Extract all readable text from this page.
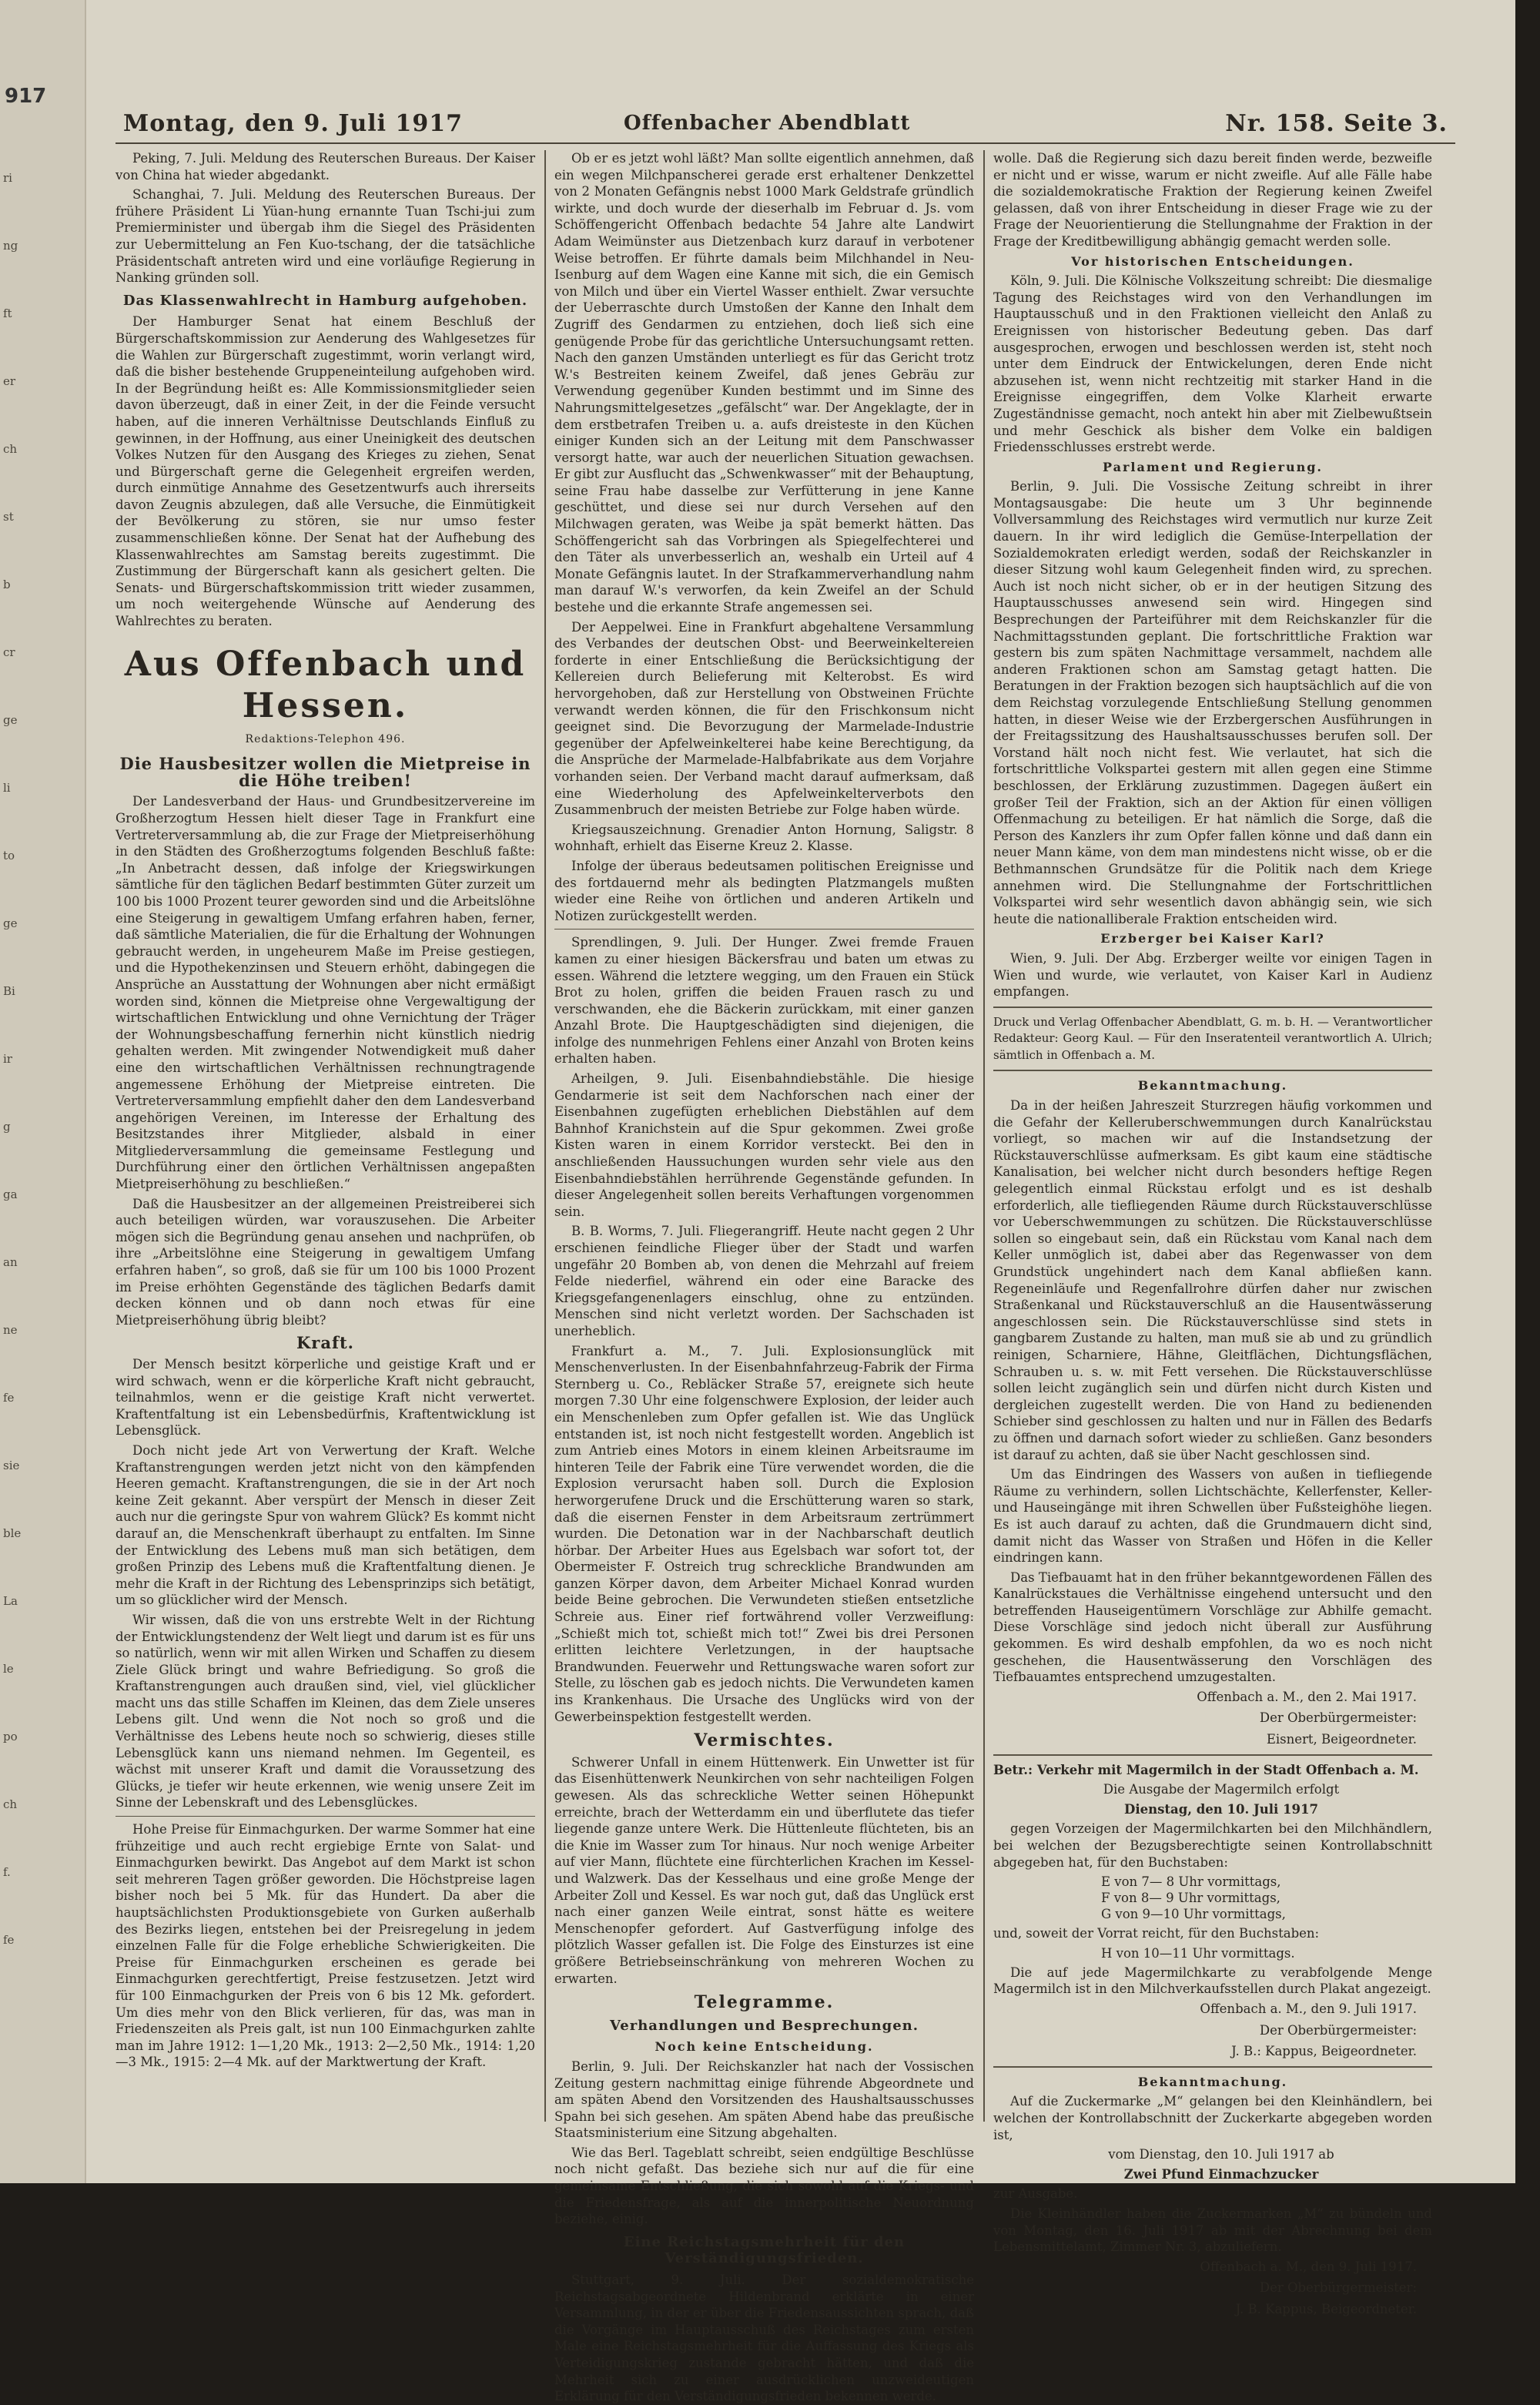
917
ri
ng
ft
er
ch
st
b
cr
ge
li
to
ge
Bi
ir
g
ga
an
ne
fe
sie
ble
La
le
po
ch
f.
fe
Montag, den 9. Juli 1917	Offenbacher Abendblatt	Nr. 158. Seite 3.

Peking, 7. Juli. Meldung des Reuterschen Bureaus. Der Kaiser von China hat wieder abgedankt.

Schanghai, 7. Juli. Meldung des Reuterschen Bureaus. Der frühere Präsident Li Yüan-hung ernannte Tuan Tschi-jui zum Premierminister und übergab ihm die Siegel des Präsidenten zur Uebermittelung an Fen Kuo-tschang, der die tatsächliche Präsidentschaft antreten wird und eine vorläufige Regierung in Nanking gründen soll.

Das Klassenwahlrecht in Hamburg aufgehoben.

Der Hamburger Senat hat einem Beschluß der Bürgerschaftskommission zur Aenderung des Wahlgesetzes für die Wahlen zur Bürgerschaft zugestimmt, worin verlangt wird, daß die bisher bestehende Gruppeneinteilung aufgehoben wird. In der Begründung heißt es: Alle Kommissionsmitglieder seien davon überzeugt, daß in einer Zeit, in der die Feinde versucht haben, auf die inneren Verhältnisse Deutschlands Einfluß zu gewinnen, in der Hoffnung, aus einer Uneinigkeit des deutschen Volkes Nutzen für den Ausgang des Krieges zu ziehen, Senat und Bürgerschaft gerne die Gelegenheit ergreifen werden, durch einmütige Annahme des Gesetzentwurfs auch ihrerseits davon Zeugnis abzulegen, daß alle Versuche, die Einmütigkeit der Bevölkerung zu stören, sie nur umso fester zusammenschließen könne. Der Senat hat der Aufhebung des Klassenwahlrechtes am Samstag bereits zugestimmt. Die Zustimmung der Bürgerschaft kann als gesichert gelten. Die Senats- und Bürgerschaftskommission tritt wieder zusammen, um noch weitergehende Wünsche auf Aenderung des Wahlrechtes zu beraten.

Aus Offenbach und Hessen.
Redaktions-Telephon 496.
Die Hausbesitzer wollen die Mietpreise in die Höhe treiben!

Der Landesverband der Haus- und Grundbesitzervereine im Großherzogtum Hessen hielt dieser Tage in Frankfurt eine Vertreterversammlung ab, die zur Frage der Mietpreiserhöhung in den Städten des Großherzogtums folgenden Beschluß faßte: „In Anbetracht dessen, daß infolge der Kriegswirkungen sämtliche für den täglichen Bedarf bestimmten Güter zurzeit um 100 bis 1000 Prozent teurer geworden sind und die Arbeitslöhne eine Steigerung in gewaltigem Umfang erfahren haben, ferner, daß sämtliche Materialien, die für die Erhaltung der Wohnungen gebraucht werden, in ungeheurem Maße im Preise gestiegen, und die Hypothekenzinsen und Steuern erhöht, dabingegen die Ansprüche an Ausstattung der Wohnungen aber nicht ermäßigt worden sind, können die Mietpreise ohne Vergewaltigung der wirtschaftlichen Entwicklung und ohne Vernichtung der Träger der Wohnungsbeschaffung fernerhin nicht künstlich niedrig gehalten werden. Mit zwingender Notwendigkeit muß daher eine den wirtschaftlichen Verhältnissen rechnungtragende angemessene Erhöhung der Mietpreise eintreten. Die Vertreterversammlung empfiehlt daher den dem Landesverband angehörigen Vereinen, im Interesse der Erhaltung des Besitzstandes ihrer Mitglieder, alsbald in einer Mitgliederversammlung die gemeinsame Festlegung und Durchführung einer den örtlichen Verhältnissen angepaßten Mietpreiserhöhung zu beschließen.“

Daß die Hausbesitzer an der allgemeinen Preistreiberei sich auch beteiligen würden, war vorauszusehen. Die Arbeiter mögen sich die Begründung genau ansehen und nachprüfen, ob ihre „Arbeitslöhne eine Steigerung in gewaltigem Umfang erfahren haben“, so groß, daß sie für um 100 bis 1000 Prozent im Preise erhöhten Gegenstände des täglichen Bedarfs damit decken können und ob dann noch etwas für eine Mietpreiserhöhung übrig bleibt?

Kraft.

Der Mensch besitzt körperliche und geistige Kraft und er wird schwach, wenn er die körperliche Kraft nicht gebraucht, teilnahmlos, wenn er die geistige Kraft nicht verwertet. Kraftentfaltung ist ein Lebensbedürfnis, Kraftentwicklung ist Lebensglück.

Doch nicht jede Art von Verwertung der Kraft. Welche Kraftanstrengungen werden jetzt nicht von den kämpfenden Heeren gemacht. Kraftanstrengungen, die sie in der Art noch keine Zeit gekannt. Aber verspürt der Mensch in dieser Zeit auch nur die geringste Spur von wahrem Glück? Es kommt nicht darauf an, die Menschenkraft überhaupt zu entfalten. Im Sinne der Entwicklung des Lebens muß man sich betätigen, dem großen Prinzip des Lebens muß die Kraftentfaltung dienen. Je mehr die Kraft in der Richtung des Lebensprinzips sich betätigt, um so glücklicher wird der Mensch.

Wir wissen, daß die von uns erstrebte Welt in der Richtung der Entwicklungstendenz der Welt liegt und darum ist es für uns so natürlich, wenn wir mit allen Wirken und Schaffen zu diesem Ziele Glück bringt und wahre Befriedigung. So groß die Kraftanstrengungen auch draußen sind, viel, viel glücklicher macht uns das stille Schaffen im Kleinen, das dem Ziele unseres Lebens gilt. Und wenn die Not noch so groß und die Verhältnisse des Lebens heute noch so schwierig, dieses stille Lebensglück kann uns niemand nehmen. Im Gegenteil, es wächst mit unserer Kraft und damit die Voraussetzung des Glücks, je tiefer wir heute erkennen, wie wenig unsere Zeit im Sinne der Lebenskraft und des Lebensglückes.

Hohe Preise für Einmachgurken. Der warme Sommer hat eine frühzeitige und auch recht ergiebige Ernte von Salat- und Einmachgurken bewirkt. Das Angebot auf dem Markt ist schon seit mehreren Tagen größer geworden. Die Höchstpreise lagen bisher noch bei 5 Mk. für das Hundert. Da aber die hauptsächlichsten Produktionsgebiete von Gurken außerhalb des Bezirks liegen, entstehen bei der Preisregelung in jedem einzelnen Falle für die Folge erhebliche Schwierigkeiten. Die Preise für Einmachgurken erscheinen es gerade bei Einmachgurken gerechtfertigt, Preise festzusetzen. Jetzt wird für 100 Einmachgurken der Preis von 6 bis 12 Mk. gefordert. Um dies mehr von den Blick verlieren, für das, was man in Friedenszeiten als Preis galt, ist nun 100 Einmachgurken zahlte man im Jahre 1912: 1—1,20 Mk., 1913: 2—2,50 Mk., 1914: 1,20—3 Mk., 1915: 2—4 Mk. auf der Marktwertung der Kraft.

Ob er es jetzt wohl läßt? Man sollte eigentlich annehmen, daß ein wegen Milchpanscherei gerade erst erhaltener Denkzettel von 2 Monaten Gefängnis nebst 1000 Mark Geldstrafe gründlich wirkte, und doch wurde der dieserhalb im Februar d. Js. vom Schöffengericht Offenbach bedachte 54 Jahre alte Landwirt Adam Weimünster aus Dietzenbach kurz darauf in verbotener Weise betroffen. Er führte damals beim Milchhandel in Neu-Isenburg auf dem Wagen eine Kanne mit sich, die ein Gemisch von Milch und über ein Viertel Wasser enthielt. Zwar versuchte der Ueberraschte durch Umstoßen der Kanne den Inhalt dem Zugriff des Gendarmen zu entziehen, doch ließ sich eine genügende Probe für das gerichtliche Untersuchungsamt retten. Nach den ganzen Umständen unterliegt es für das Gericht trotz W.'s Bestreiten keinem Zweifel, daß jenes Gebräu zur Verwendung gegenüber Kunden bestimmt und im Sinne des Nahrungsmittelgesetzes „gefälscht“ war. Der Angeklagte, der in dem erstbetrafen Treiben u. a. aufs dreisteste in den Küchen einiger Kunden sich an der Leitung mit dem Panschwasser versorgt hatte, war auch der neuerlichen Situation gewachsen. Er gibt zur Ausflucht das „Schwenkwasser“ mit der Behauptung, seine Frau habe dasselbe zur Verfütterung in jene Kanne geschüttet, und diese sei nur durch Versehen auf den Milchwagen geraten, was Weibe ja spät bemerkt hätten. Das Schöffengericht sah das Vorbringen als Spiegelfechterei und den Täter als unverbesserlich an, weshalb ein Urteil auf 4 Monate Gefängnis lautet. In der Strafkammerverhandlung nahm man darauf W.'s verworfen, da kein Zweifel an der Schuld bestehe und die erkannte Strafe angemessen sei.

Der Aeppelwei. Eine in Frankfurt abgehaltene Versammlung des Verbandes der deutschen Obst- und Beerweinkeltereien forderte in einer Entschließung die Berücksichtigung der Kellereien durch Belieferung mit Kelterobst. Es wird hervorgehoben, daß zur Herstellung von Obstweinen Früchte verwandt werden können, die für den Frischkonsum nicht geeignet sind. Die Bevorzugung der Marmelade-Industrie gegenüber der Apfelweinkelterei habe keine Berechtigung, da die Ansprüche der Marmelade-Halbfabrikate aus dem Vorjahre vorhanden seien. Der Verband macht darauf aufmerksam, daß eine Wiederholung des Apfelweinkelterverbots den Zusammenbruch der meisten Betriebe zur Folge haben würde.

Kriegsauszeichnung. Grenadier Anton Hornung, Saligstr. 8 wohnhaft, erhielt das Eiserne Kreuz 2. Klasse.

Infolge der überaus bedeutsamen politischen Ereignisse und des fortdauernd mehr als bedingten Platzmangels mußten wieder eine Reihe von örtlichen und anderen Artikeln und Notizen zurückgestellt werden.

Sprendlingen, 9. Juli. Der Hunger. Zwei fremde Frauen kamen zu einer hiesigen Bäckersfrau und baten um etwas zu essen. Während die letztere wegging, um den Frauen ein Stück Brot zu holen, griffen die beiden Frauen rasch zu und verschwanden, ehe die Bäckerin zurückkam, mit einer ganzen Anzahl Brote. Die Hauptgeschädigten sind diejenigen, die infolge des nunmehrigen Fehlens einer Anzahl von Broten keins erhalten haben.

Arheilgen, 9. Juli. Eisenbahndiebstähle. Die hiesige Gendarmerie ist seit dem Nachforschen nach einer der Eisenbahnen zugefügten erheblichen Diebstählen auf dem Bahnhof Kranichstein auf die Spur gekommen. Zwei große Kisten waren in einem Korridor versteckt. Bei den in anschließenden Haussuchungen wurden sehr viele aus den Eisenbahndiebstählen herrührende Gegenstände gefunden. In dieser Angelegenheit sollen bereits Verhaftungen vorgenommen sein.

B. B. Worms, 7. Juli. Fliegerangriff. Heute nacht gegen 2 Uhr erschienen feindliche Flieger über der Stadt und warfen ungefähr 20 Bomben ab, von denen die Mehrzahl auf freiem Felde niederfiel, während ein oder eine Baracke des Kriegsgefangenenlagers einschlug, ohne zu entzünden. Menschen sind nicht verletzt worden. Der Sachschaden ist unerheblich.

Frankfurt a. M., 7. Juli. Explosionsunglück mit Menschenverlusten. In der Eisenbahnfahrzeug-Fabrik der Firma Sternberg u. Co., Rebläcker Straße 57, ereignete sich heute morgen 7.30 Uhr eine folgenschwere Explosion, der leider auch ein Menschenleben zum Opfer gefallen ist. Wie das Unglück entstanden ist, ist noch nicht festgestellt worden. Angeblich ist zum Antrieb eines Motors in einem kleinen Arbeitsraume im hinteren Teile der Fabrik eine Türe verwendet worden, die die Explosion verursacht haben soll. Durch die Explosion herworgerufene Druck und die Erschütterung waren so stark, daß die eisernen Fenster in dem Arbeitsraum zertrümmert wurden. Die Detonation war in der Nachbarschaft deutlich hörbar. Der Arbeiter Hues aus Egelsbach war sofort tot, der Obermeister F. Ostreich trug schreckliche Brandwunden am ganzen Körper davon, dem Arbeiter Michael Konrad wurden beide Beine gebrochen. Die Verwundeten stießen entsetzliche Schreie aus. Einer rief fortwährend voller Verzweiflung: „Schießt mich tot, schießt mich tot!“ Zwei bis drei Personen erlitten leichtere Verletzungen, in der hauptsache Brandwunden. Feuerwehr und Rettungswache waren sofort zur Stelle, zu löschen gab es jedoch nichts. Die Verwundeten kamen ins Krankenhaus. Die Ursache des Unglücks wird von der Gewerbeinspektion festgestellt werden.

Vermischtes.

Schwerer Unfall in einem Hüttenwerk. Ein Unwetter ist für das Eisenhüttenwerk Neunkirchen von sehr nachteiligen Folgen gewesen. Als das schreckliche Wetter seinen Höhepunkt erreichte, brach der Wetterdamm ein und überflutete das tiefer liegende ganze untere Werk. Die Hüttenleute flüchteten, bis an die Knie im Wasser zum Tor hinaus. Nur noch wenige Arbeiter auf vier Mann, flüchtete eine fürchterlichen Krachen im Kessel- und Walzwerk. Das der Kesselhaus und eine große Menge der Arbeiter Zoll und Kessel. Es war noch gut, daß das Unglück erst nach einer ganzen Weile eintrat, sonst hätte es weitere Menschenopfer gefordert. Auf Gastverfügung infolge des plötzlich Wasser gefallen ist. Die Folge des Einsturzes ist eine größere Betriebseinschränkung von mehreren Wochen zu erwarten.

Telegramme.
Verhandlungen und Besprechungen.
Noch keine Entscheidung.

Berlin, 9. Juli. Der Reichskanzler hat nach der Vossischen Zeitung gestern nachmittag einige führende Abgeordnete und am späten Abend den Vorsitzenden des Haushaltsausschusses Spahn bei sich gesehen. Am späten Abend habe das preußische Staatsministerium eine Sitzung abgehalten.

Wie das Berl. Tageblatt schreibt, seien endgültige Beschlüsse noch nicht gefaßt. Das beziehe sich nur auf die für eine gemeinsame Entschließung, die sich sowohl auf die Kriegs- und die Friedensfrage, als auf die innerpolitische Neuordnung beziehe, einig.

Eine Reichstagsmehrheit für den Verständigungsfrieden.

Stuttgart, 9. Juli. Der sozialdemokratische Reichstagsabgeordnete Hildenbrand erklärte in einer Versammlung, in der er über die Friedensaussichten sprach, daß die Vorgänge im Hauptausschuß des Reichstages zum ersten Male eine Reichstagsmehrheit für die Auffassung des Kriegs als Verteidigungskrieg zustande gebracht hätten, und daß die Mehrheit sich zu einer ausdrücklichen unzweideutigen Erklärung für den Verständigungsfrieden bekennen werde.

wolle. Daß die Regierung sich dazu bereit finden werde, bezweifle er nicht und er wisse, warum er nicht zweifle. Auf alle Fälle habe die sozialdemokratische Fraktion der Regierung keinen Zweifel gelassen, daß von ihrer Entscheidung in dieser Frage wie zu der Frage der Neuorientierung die Stellungnahme der Fraktion in der Frage der Kreditbewilligung abhängig gemacht werden solle.

Vor historischen Entscheidungen.

Köln, 9. Juli. Die Kölnische Volkszeitung schreibt: Die diesmalige Tagung des Reichstages wird von den Verhandlungen im Hauptausschuß und in den Fraktionen vielleicht den Anlaß zu Ereignissen von historischer Bedeutung geben. Das darf ausgesprochen, erwogen und beschlossen werden ist, steht noch unter dem Eindruck der Entwickelungen, deren Ende nicht abzusehen ist, wenn nicht rechtzeitig mit starker Hand in die Ereignisse eingegriffen, dem Volke Klarheit erwarte Zugeständnisse gemacht, noch antekt hin aber mit Zielbewußtsein und mehr Geschick als bisher dem Volke ein baldigen Friedensschlusses erstrebt werde.

Parlament und Regierung.

Berlin, 9. Juli. Die Vossische Zeitung schreibt in ihrer Montagsausgabe: Die heute um 3 Uhr beginnende Vollversammlung des Reichstages wird vermutlich nur kurze Zeit dauern. In ihr wird lediglich die Gemüse-Interpellation der Sozialdemokraten erledigt werden, sodaß der Reichskanzler in dieser Sitzung wohl kaum Gelegenheit finden wird, zu sprechen. Auch ist noch nicht sicher, ob er in der heutigen Sitzung des Hauptausschusses anwesend sein wird. Hingegen sind Besprechungen der Parteiführer mit dem Reichskanzler für die Nachmittagsstunden geplant. Die fortschrittliche Fraktion war gestern bis zum späten Nachmittage versammelt, nachdem alle anderen Fraktionen schon am Samstag getagt hatten. Die Beratungen in der Fraktion bezogen sich hauptsächlich auf die von dem Reichstag vorzulegende Entschließung Stellung genommen hatten, in dieser Weise wie der Erzbergerschen Ausführungen in der Freitagssitzung des Haushaltsausschusses berufen soll. Der Vorstand hält noch nicht fest. Wie verlautet, hat sich die fortschrittliche Volkspartei gestern mit allen gegen eine Stimme beschlossen, der Erklärung zuzustimmen. Dagegen äußert ein großer Teil der Fraktion, sich an der Aktion für einen völligen Offenmachung zu beteiligen. Er hat nämlich die Sorge, daß die Person des Kanzlers ihr zum Opfer fallen könne und daß dann ein neuer Mann käme, von dem man mindestens nicht wisse, ob er die Bethmannschen Grundsätze für die Politik nach dem Kriege annehmen wird. Die Stellungnahme der Fortschrittlichen Volkspartei wird sehr wesentlich davon abhängig sein, wie sich heute die nationalliberale Fraktion entscheiden wird.

Erzberger bei Kaiser Karl?

Wien, 9. Juli. Der Abg. Erzberger weilte vor einigen Tagen in Wien und wurde, wie verlautet, von Kaiser Karl in Audienz empfangen.

Druck und Verlag Offenbacher Abendblatt, G. m. b. H. — Verantwortlicher Redakteur: Georg Kaul. — Für den Inseratenteil verantwortlich A. Ulrich; sämtlich in Offenbach a. M.

Bekanntmachung.

Da in der heißen Jahreszeit Sturzregen häufig vorkommen und die Gefahr der Kelleruberschwemmungen durch Kanalrückstau vorliegt, so machen wir auf die Instandsetzung der Rückstauverschlüsse aufmerksam. Es gibt kaum eine städtische Kanalisation, bei welcher nicht durch besonders heftige Regen gelegentlich einmal Rückstau erfolgt und es ist deshalb erforderlich, alle tiefliegenden Räume durch Rückstauverschlüsse vor Ueberschwemmungen zu schützen. Die Rückstauverschlüsse sollen so eingebaut sein, daß ein Rückstau vom Kanal nach dem Keller unmöglich ist, dabei aber das Regenwasser von dem Grundstück ungehindert nach dem Kanal abfließen kann. Regeneinläufe und Regenfallrohre dürfen daher nur zwischen Straßenkanal und Rückstauverschluß an die Hausentwässerung angeschlossen sein. Die Rückstauverschlüsse sind stets in gangbarem Zustande zu halten, man muß sie ab und zu gründlich reinigen, Scharniere, Hähne, Gleitflächen, Dichtungsflächen, Schrauben u. s. w. mit Fett versehen. Die Rückstauverschlüsse sollen leicht zugänglich sein und dürfen nicht durch Kisten und dergleichen zugestellt werden. Die von Hand zu bedienenden Schieber sind geschlossen zu halten und nur in Fällen des Bedarfs zu öffnen und darnach sofort wieder zu schließen. Ganz besonders ist darauf zu achten, daß sie über Nacht geschlossen sind.

Um das Eindringen des Wassers von außen in tiefliegende Räume zu verhindern, sollen Lichtschächte, Kellerfenster, Keller- und Hauseingänge mit ihren Schwellen über Fußsteighöhe liegen. Es ist auch darauf zu achten, daß die Grundmauern dicht sind, damit nicht das Wasser von Straßen und Höfen in die Keller eindringen kann.

Das Tiefbauamt hat in den früher bekanntgewordenen Fällen des Kanalrückstaues die Verhältnisse eingehend untersucht und den betreffenden Hauseigentümern Vorschläge zur Abhilfe gemacht. Diese Vorschläge sind jedoch nicht überall zur Ausführung gekommen. Es wird deshalb empfohlen, da wo es noch nicht geschehen, die Hausentwässerung den Vorschlägen des Tiefbauamtes entsprechend umzugestalten.

Offenbach a. M., den 2. Mai 1917.
Der Oberbürgermeister:
Eisnert, Beigeordneter.

Betr.: Verkehr mit Magermilch in der Stadt Offenbach a. M.

Die Ausgabe der Magermilch erfolgt

Dienstag, den 10. Juli 1917

gegen Vorzeigen der Magermilchkarten bei den Milchhändlern, bei welchen der Bezugsberechtigte seinen Kontrollabschnitt abgegeben hat, für den Buchstaben:

E von 7— 8 Uhr vormittags,
F von 8— 9 Uhr vormittags,
G von 9—10 Uhr vormittags,

und, soweit der Vorrat reicht, für den Buchstaben:

H von 10—11 Uhr vormittags.

Die auf jede Magermilchkarte zu verabfolgende Menge Magermilch ist in den Milchverkaufsstellen durch Plakat angezeigt.

Offenbach a. M., den 9. Juli 1917.
Der Oberbürgermeister:
J. B.: Kappus, Beigeordneter.
Bekanntmachung.

Auf die Zuckermarke „M“ gelangen bei den Kleinhändlern, bei welchen der Kontrollabschnitt der Zuckerkarte abgegeben worden ist,

vom Dienstag, den 10. Juli 1917 ab

Zwei Pfund Einmachzucker

zur Ausgabe.

Die Kleinhändler haben die Zuckermarken „M“ zu bündeln und von Montag, den 16. Juli 1917 ab mit der Abrechnung bei dem Lebensmittelamt, Zimmer Nr. 3, abzuliefern.

Offenbach a. M., den 9. Juli 1917.
Der Oberbürgermeister:
J. B. Kappus, Beigeordneter.
